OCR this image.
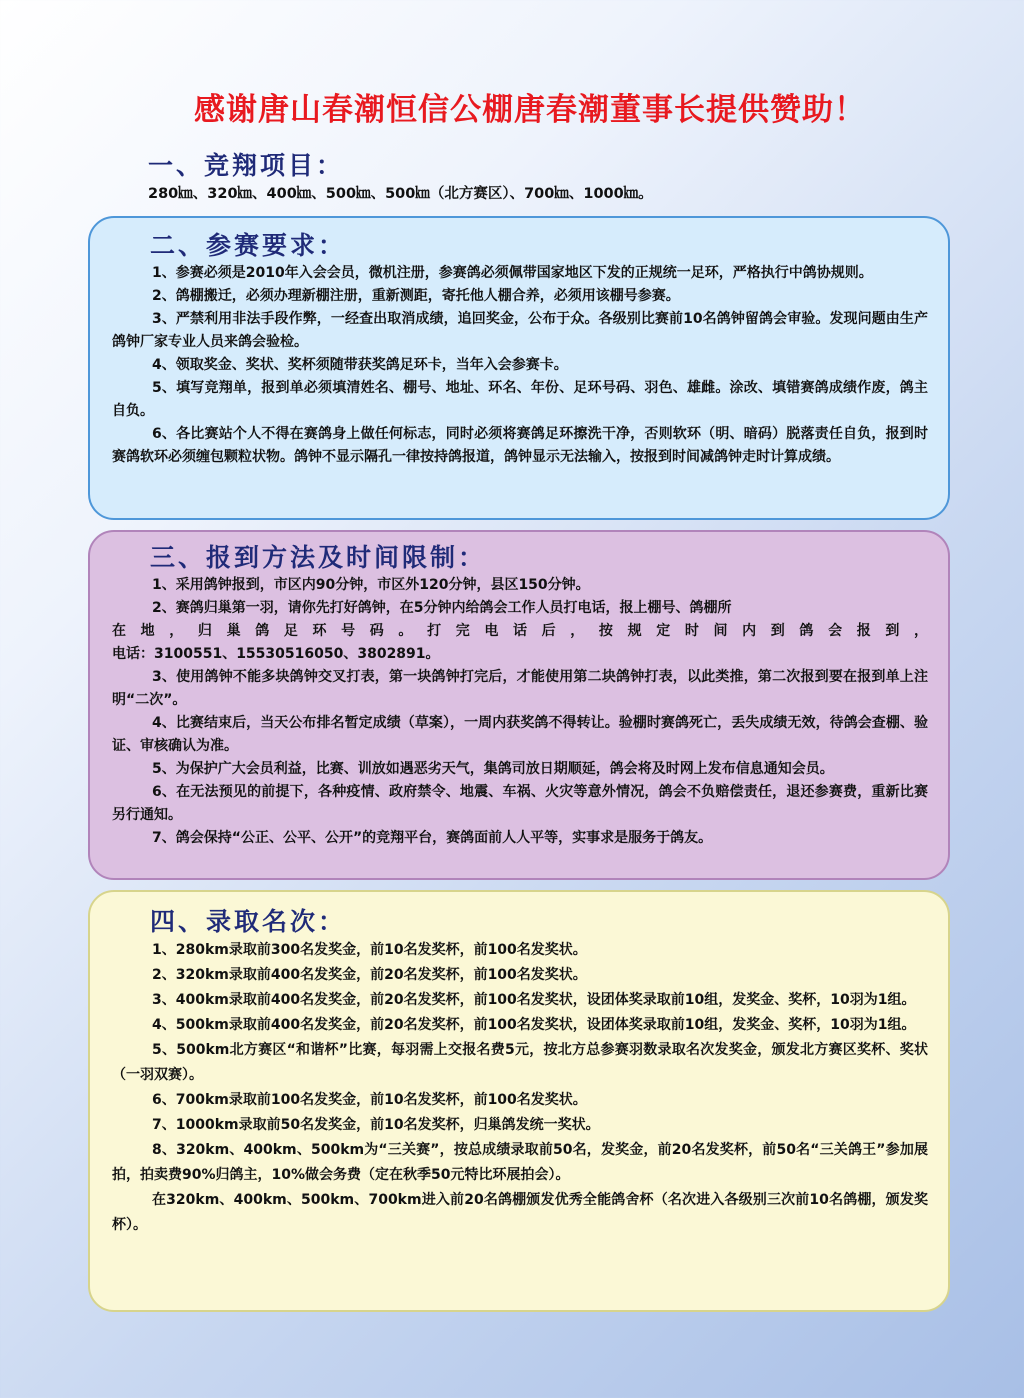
感谢唐山春潮恒信公棚唐春潮董事长提供赞助！
一、竞翔项目：
280㎞、320㎞、400㎞、500㎞、500㎞（北方赛区）、700㎞、1000㎞。
二、参赛要求：

1、参赛必须是2010年入会会员，微机注册，参赛鸽必须佩带国家地区下发的正规统一足环，严格执行中鸽协规则。

2、鸽棚搬迁，必须办理新棚注册，重新测距，寄托他人棚合养，必须用该棚号参赛。

3、严禁利用非法手段作弊，一经查出取消成绩，追回奖金，公布于众。各级别比赛前10名鸽钟留鸽会审验。发现问题由生产鸽钟厂家专业人员来鸽会验检。

4、领取奖金、奖状、奖杯须随带获奖鸽足环卡，当年入会参赛卡。

5、填写竞翔单，报到单必须填清姓名、棚号、地址、环名、年份、足环号码、羽色、雄雌。涂改、填错赛鸽成绩作废，鸽主自负。

6、各比赛站个人不得在赛鸽身上做任何标志，同时必须将赛鸽足环擦洗干净，否则软环（明、暗码）脱落责任自负，报到时赛鸽软环必须缠包颗粒状物。鸽钟不显示隔孔一律按持鸽报道，鸽钟显示无法输入，按报到时间减鸽钟走时计算成绩。

三、报到方法及时间限制：

1、采用鸽钟报到，市区内90分钟，市区外120分钟，县区150分钟。

2、赛鸽归巢第一羽，请你先打好鸽钟，在5分钟内给鸽会工作人员打电话，报上棚号、鸽棚所

在地，归巢鸽足环号码。打完电话后，按规定时间内到鸽会报到，

电话：3100551、15530516050、3802891。

3、使用鸽钟不能多块鸽钟交叉打表，第一块鸽钟打完后，才能使用第二块鸽钟打表，以此类推，第二次报到要在报到单上注明“二次”。

4、比赛结束后，当天公布排名暂定成绩（草案），一周内获奖鸽不得转让。验棚时赛鸽死亡，丢失成绩无效，待鸽会查棚、验证、审核确认为准。

5、为保护广大会员利益，比赛、训放如遇恶劣天气，集鸽司放日期顺延，鸽会将及时网上发布信息通知会员。

6、在无法预见的前提下，各种疫情、政府禁令、地震、车祸、火灾等意外情况，鸽会不负赔偿责任，退还参赛费，重新比赛另行通知。

7、鸽会保持“公正、公平、公开”的竞翔平台，赛鸽面前人人平等，实事求是服务于鸽友。

四、录取名次：

1、280km录取前300名发奖金，前10名发奖杯，前100名发奖状。

2、320km录取前400名发奖金，前20名发奖杯，前100名发奖状。

3、400km录取前400名发奖金，前20名发奖杯，前100名发奖状，设团体奖录取前10组，发奖金、奖杯，10羽为1组。

4、500km录取前400名发奖金，前20名发奖杯，前100名发奖状，设团体奖录取前10组，发奖金、奖杯，10羽为1组。

5、500km北方赛区“和谐杯”比赛，每羽需上交报名费5元，按北方总参赛羽数录取名次发奖金，颁发北方赛区奖杯、奖状（一羽双赛）。

6、700km录取前100名发奖金，前10名发奖杯，前100名发奖状。

7、1000km录取前50名发奖金，前10名发奖杯，归巢鸽发统一奖状。

8、320km、400km、500km为“三关赛”，按总成绩录取前50名，发奖金，前20名发奖杯，前50名“三关鸽王”参加展拍，拍卖费90%归鸽主，10%做会务费（定在秋季50元特比环展拍会）。

在320km、400km、500km、700km进入前20名鸽棚颁发优秀全能鸽舍杯（名次进入各级别三次前10名鸽棚，颁发奖杯）。
